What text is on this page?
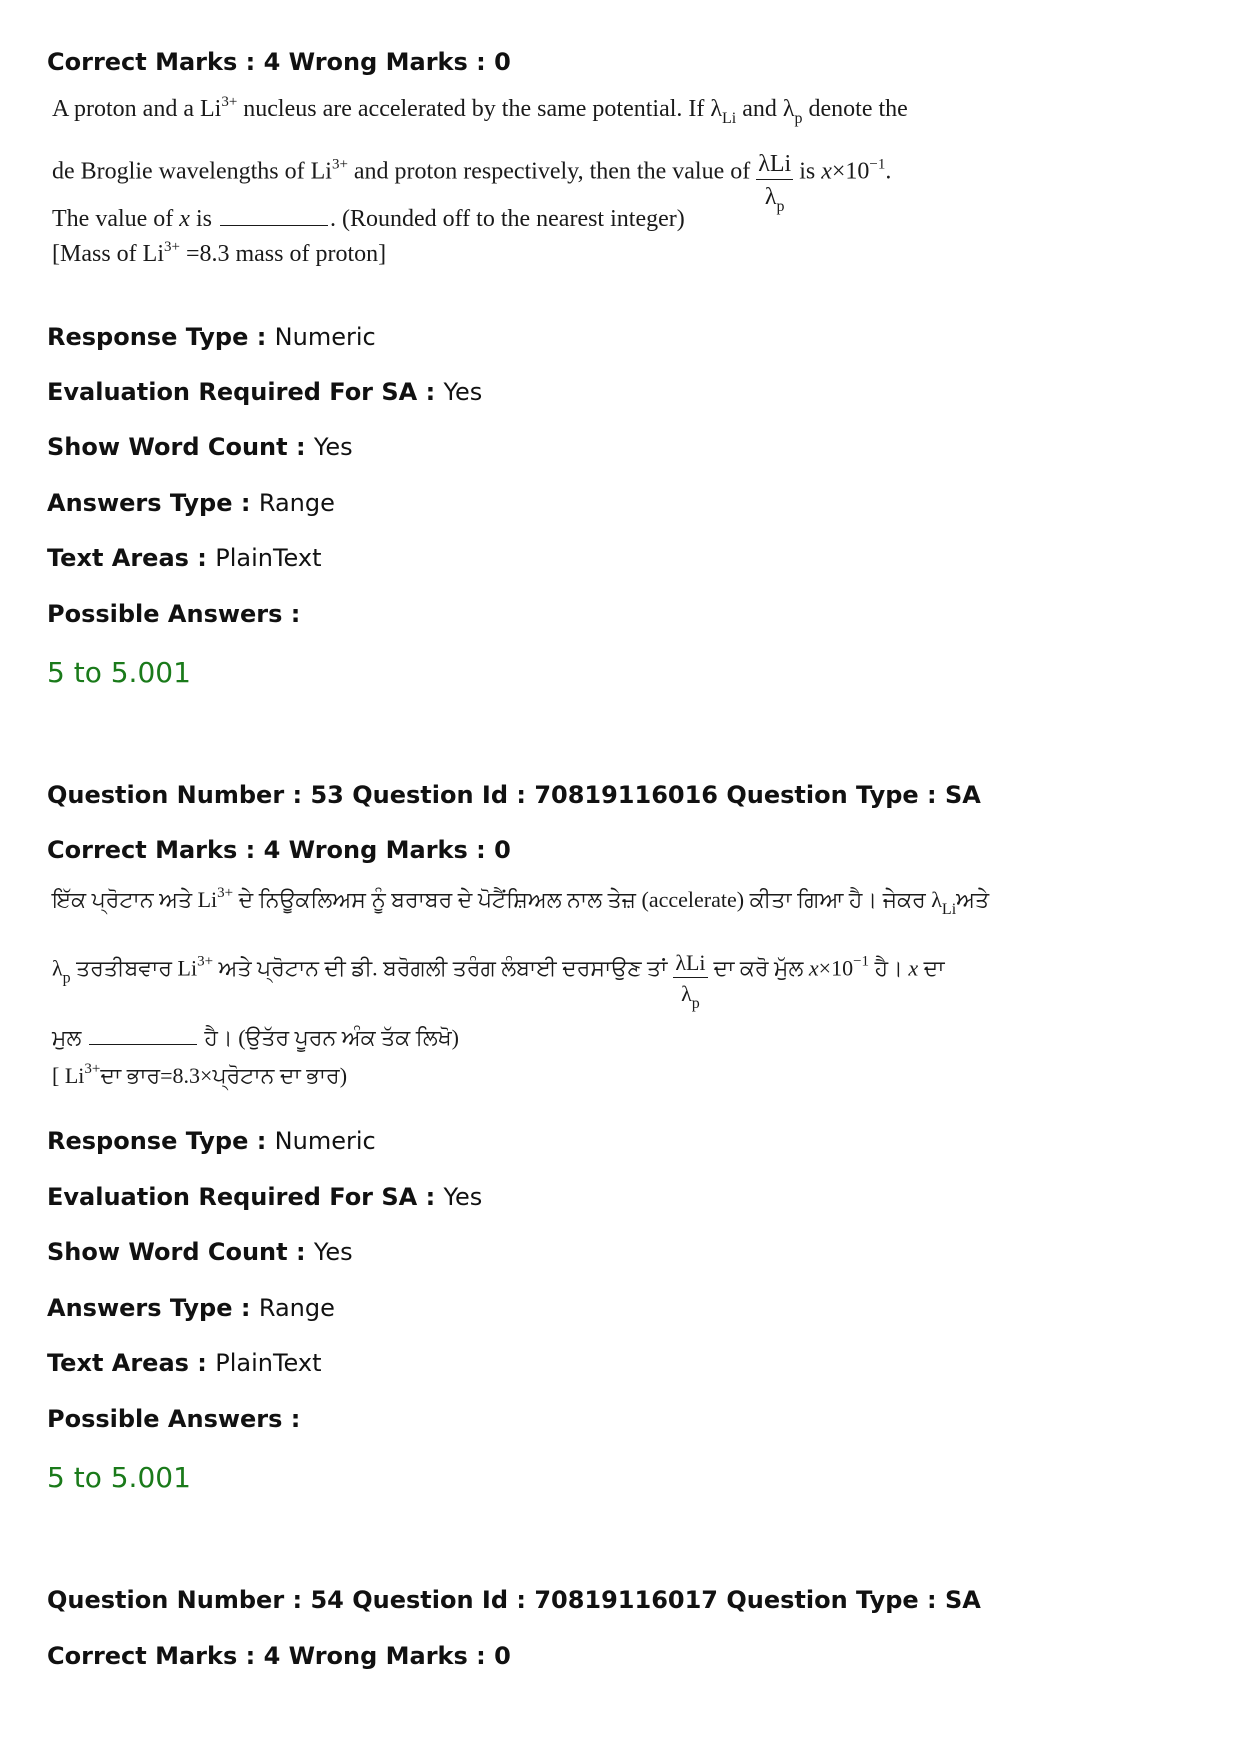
Correct Marks : 4 Wrong Marks : 0
A proton and a $Li^{3+}$ nucleus are accelerated by the same potential. If $\lambda_{Li}$ and $\lambda_p$ denote the
de Broglie wavelengths of $Li^{3+}$ and proton respectively, then the value of $\frac{\text{λLi}}{\lambda_p}$ is $x\times 10^{-1}$.
The value of x is	. (Rounded off to the nearest integer)
[Mass of $Li^{3+} =8.3$ mass of proton]
Response Type : Numeric
Evaluation Required For SA : Yes
Show Word Count : Yes
Answers Type : Range
Text Areas : PlainText
Possible Answers :
5 to 5.001
Question Number : 53 Question Id : 70819116016 Question Type : SA
Correct Marks : 4 Wrong Marks : 0
ਇੱਕ ਪ੍ਰੋਟਾਨ ਅਤੇ $Li^{3+}$ ਦੇ ਨਿਊਕਲਿਅਸ ਨੂੰ ਬਰਾਬਰ ਦੇ ਪੋਟੈਂਸ਼ਿਅਲ ਨਾਲ ਤੇਜ਼ (accelerate) ਕੀਤਾ ਗਿਆ ਹੈ। ਜੇਕਰ $\lambda_{Li}ਅਤੇ$
$\lambda_p$ ਤਰਤੀਬਵਾਰ $Li^{3+}$ ਅਤੇ ਪ੍ਰੋਟਾਨ ਦੀ ਡੀ. ਬਰੋਗਲੀ ਤਰੰਗ ਲੰਬਾਈ ਦਰਸਾਉਣ ਤਾਂ $\frac{\text{λLi}}{\lambda_p}$ ਦਾ ਕਰੋ ਮੁੱਲ $x\times 10^{-1}$ ਹੈ। x ਦਾ
ਮੁਲ	ਹੈ। (ਉਤੱਰ ਪੂਰਨ ਅੰਕ ਤੱਕ ਲਿਖੋ)
[ $Li^{3+}ਦਾ$ ਭਾਰ=8.3×ਪ੍ਰੋਟਾਨ ਦਾ ਭਾਰ)
Response Type : Numeric
Evaluation Required For SA : Yes
Show Word Count : Yes
Answers Type : Range
Text Areas : PlainText
Possible Answers :
5 to 5.001
Question Number : 54 Question Id : 70819116017 Question Type : SA
Correct Marks : 4 Wrong Marks : 0
